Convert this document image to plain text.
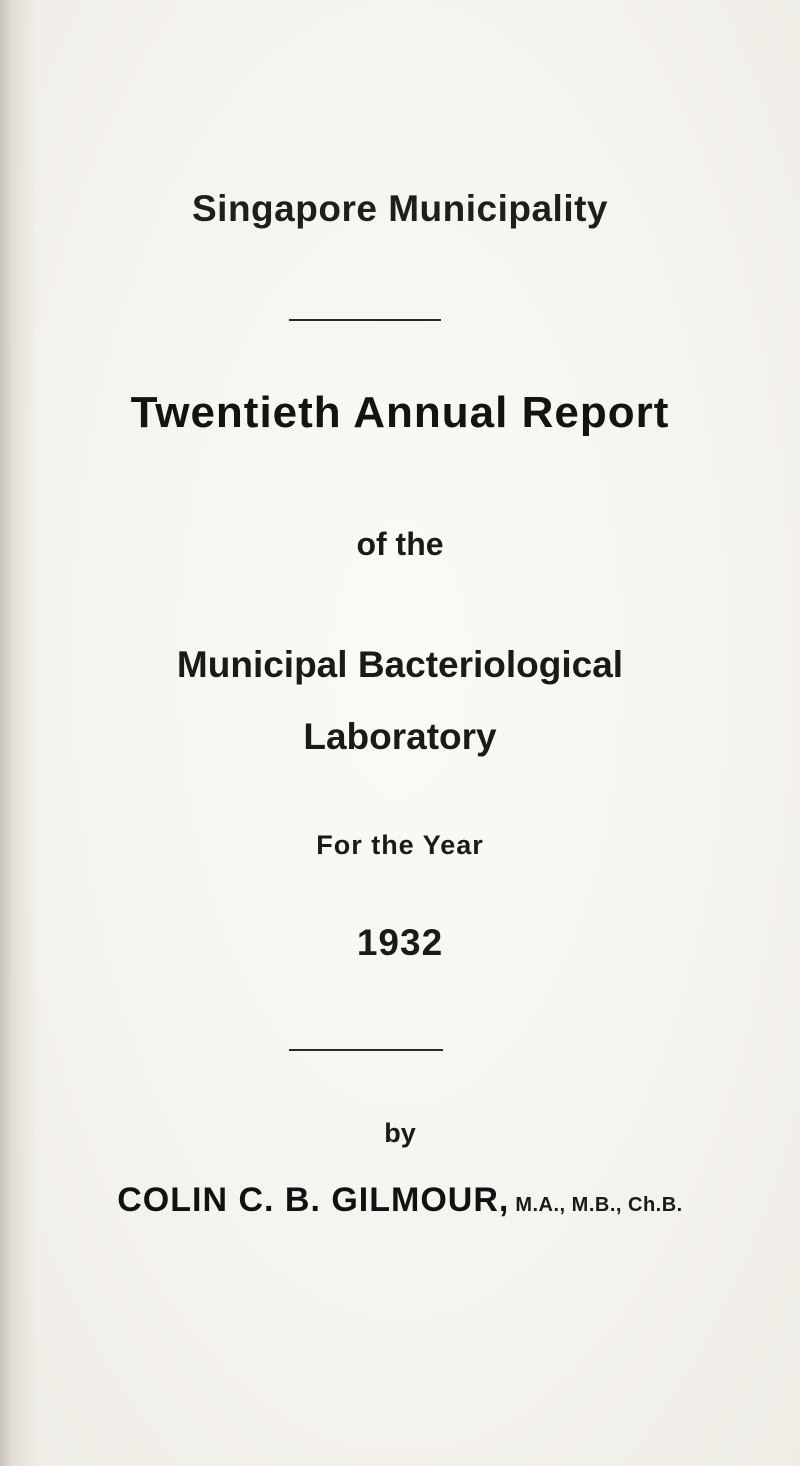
Singapore Municipality
Twentieth Annual Report
of the
Municipal Bacteriological
Laboratory
For the Year
1932
by
COLIN C. B. GILMOUR, M.A., M.B., Ch.B.
